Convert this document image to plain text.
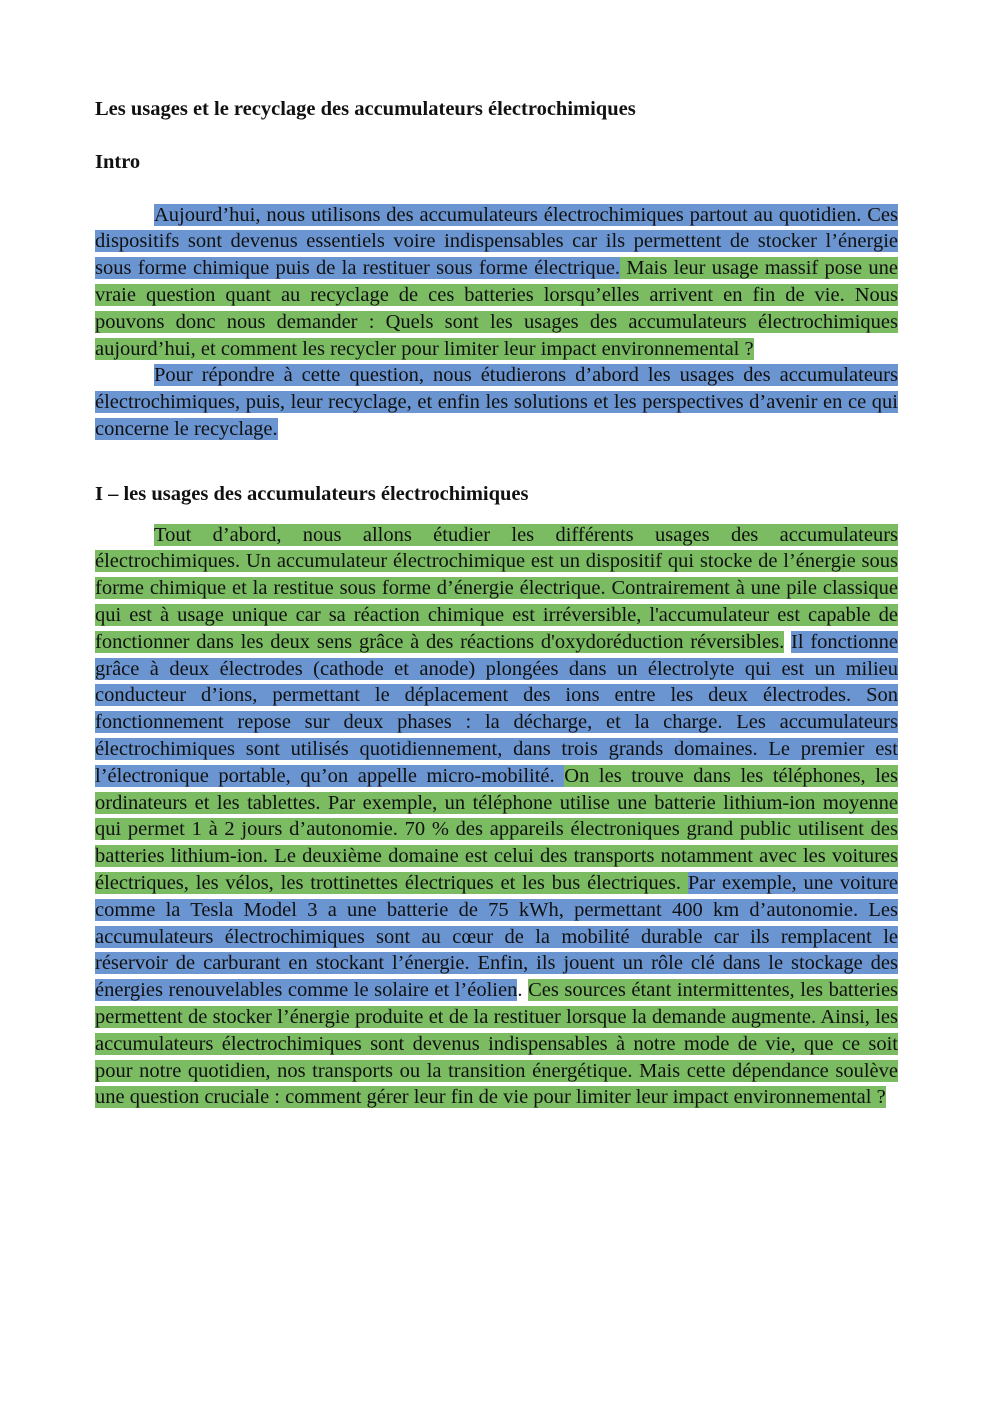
Les usages et le recyclage des accumulateurs électrochimiques
Intro

Aujourd’hui, nous utilisons des accumulateurs électrochimiques partout au quotidien. Ces dispositifs sont devenus essentiels voire indispensables car ils permettent de stocker l’énergie sous forme chimique puis de la restituer sous forme électrique. Mais leur usage massif pose une vraie question quant au recyclage de ces batteries lorsqu’elles arrivent en fin de vie. Nous pouvons donc nous demander : Quels sont les usages des accumulateurs électrochimiques aujourd’hui, et comment les recycler pour limiter leur impact environnemental ?

Pour répondre à cette question, nous étudierons d’abord les usages des accumulateurs électrochimiques, puis, leur recyclage, et enfin les solutions et les perspectives d’avenir en ce qui concerne le recyclage.

I – les usages des accumulateurs électrochimiques

Tout d’abord, nous allons étudier les différents usages des accumulateurs électrochimiques. Un accumulateur électrochimique est un dispositif qui stocke de l’énergie sous forme chimique et la restitue sous forme d’énergie électrique. Contrairement à une pile classique qui est à usage unique car sa réaction chimique est irréversible, l'accumulateur est capable de fonctionner dans les deux sens grâce à des réactions d'oxydoréduction réversibles. Il fonctionne grâce à deux électrodes (cathode et anode) plongées dans un électrolyte qui est un milieu conducteur d’ions, permettant le déplacement des ions entre les deux électrodes. Son fonctionnement repose sur deux phases : la décharge, et la charge. Les accumulateurs électrochimiques sont utilisés quotidiennement, dans trois grands domaines. Le premier est l’électronique portable, qu’on appelle micro-mobilité. On les trouve dans les téléphones, les ordinateurs et les tablettes. Par exemple, un téléphone utilise une batterie lithium-ion moyenne qui permet 1 à 2 jours d’autonomie. 70 % des appareils électroniques grand public utilisent des batteries lithium-ion. Le deuxième domaine est celui des transports notamment avec les voitures électriques, les vélos, les trottinettes électriques et les bus électriques. Par exemple, une voiture comme la Tesla Model 3 a une batterie de 75 kWh, permettant 400 km d’autonomie. Les accumulateurs électrochimiques sont au cœur de la mobilité durable car ils remplacent le réservoir de carburant en stockant l’énergie. Enfin, ils jouent un rôle clé dans le stockage des énergies renouvelables comme le solaire et l’éolien. Ces sources étant intermittentes, les batteries permettent de stocker l’énergie produite et de la restituer lorsque la demande augmente. Ainsi, les accumulateurs électrochimiques sont devenus indispensables à notre mode de vie, que ce soit pour notre quotidien, nos transports ou la transition énergétique. Mais cette dépendance soulève une question cruciale : comment gérer leur fin de vie pour limiter leur impact environnemental ?
